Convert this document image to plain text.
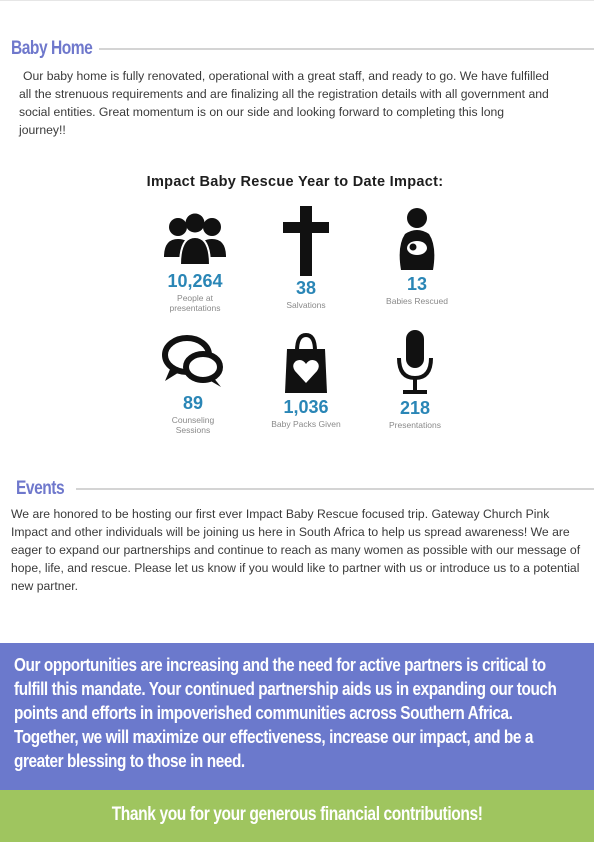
Baby Home
Our baby home is fully renovated, operational with a great staff, and ready to go. We have fulfilled all the strenuous requirements and are finalizing all the registration details with all government and social entities. Great momentum is on our side and looking forward to completing this long journey!!
Impact Baby Rescue Year to Date Impact:
10,264
People at presentations
38
Salvations
13
Babies Rescued
89
Counseling Sessions
1,036
Baby Packs Given
218
Presentations
Events
We are honored to be hosting our first ever Impact Baby Rescue focused trip. Gateway Church Pink Impact and other individuals will be joining us here in South Africa to help us spread awareness! We are eager to expand our partnerships and continue to reach as many women as possible with our message of hope, life, and rescue. Please let us know if you would like to partner with us or introduce us to a potential new partner.
Our opportunities are increasing and the need for active partners is critical to fulfill this mandate. Your continued partnership aids us in expanding our touch points and efforts in impoverished communities across Southern Africa. Together, we will maximize our effectiveness, increase our impact, and be a greater blessing to those in need.
Thank you for your generous financial contributions!
